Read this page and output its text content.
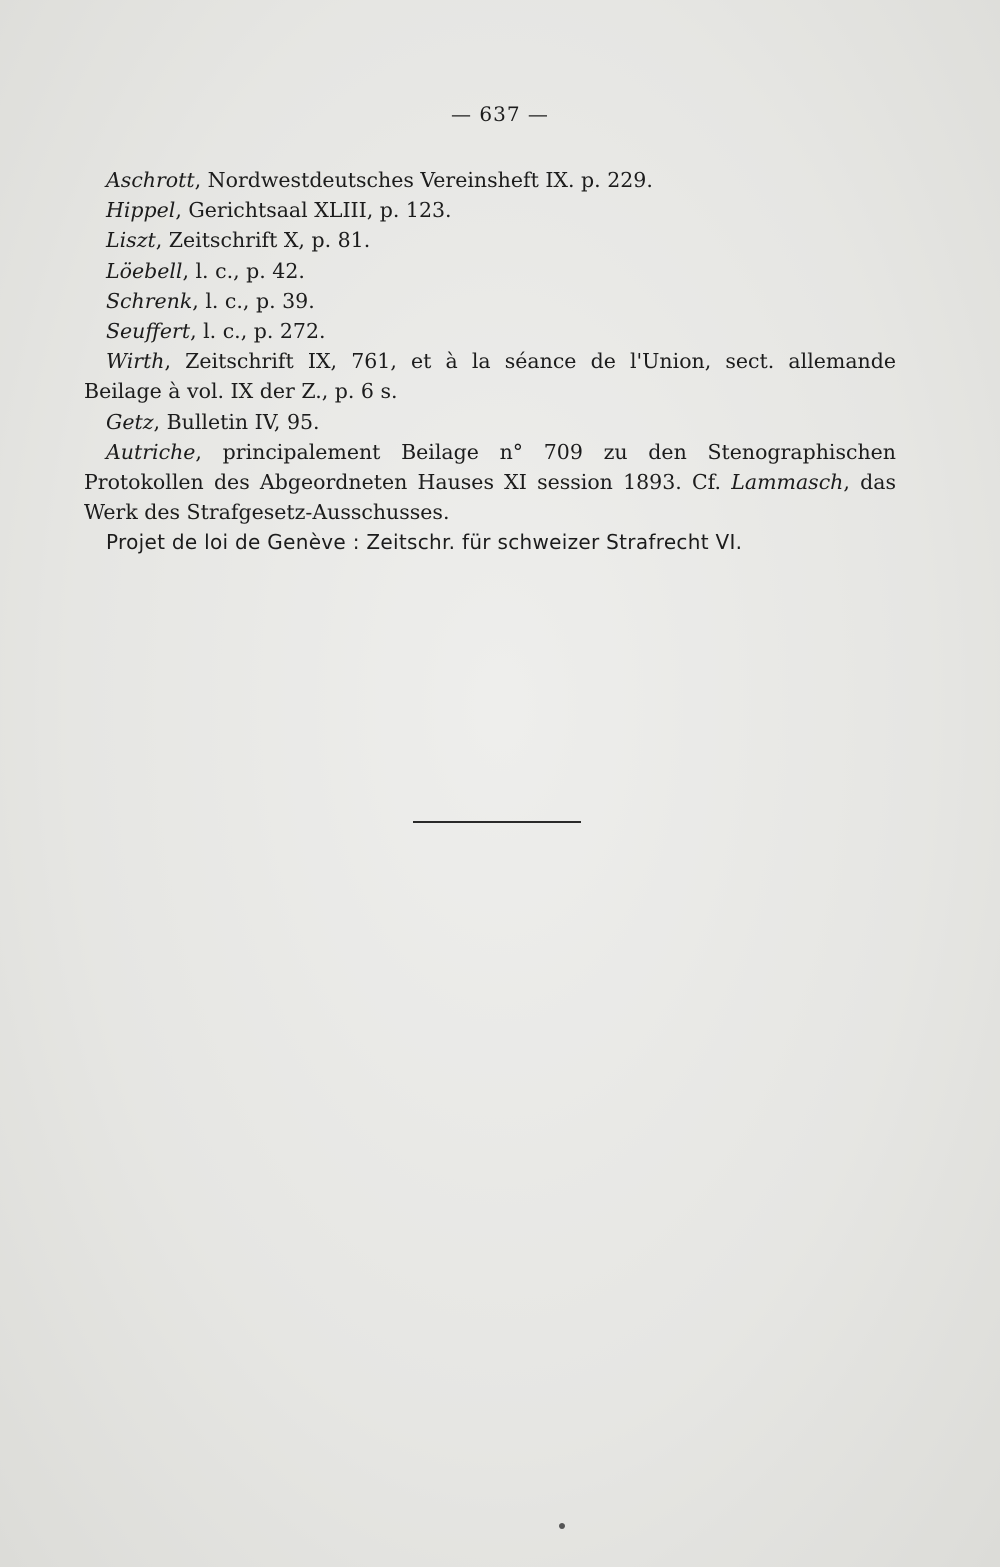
— 637 —
Aschrott, Nordwestdeutsches Vereinsheft IX. p. 229.
Hippel, Gerichtsaal XLIII, p. 123.
Liszt, Zeitschrift X, p. 81.
Löebell, l. c., p. 42.
Schrenk, l. c., p. 39.
Seuffert, l. c., p. 272.
Wirth, Zeitschrift IX, 761, et à la séance de l'Union, sect. allemande Beilage à vol. IX der Z., p. 6 s.
Getz, Bulletin IV, 95.
Autriche, principalement Beilage n° 709 zu den Stenographischen Protokollen des Abgeordneten Hauses XI session 1893. Cf. Lammasch, das Werk des Strafgesetz-Ausschusses.
Projet de loi de Genève : Zeitschr. für schweizer Strafrecht VI.
